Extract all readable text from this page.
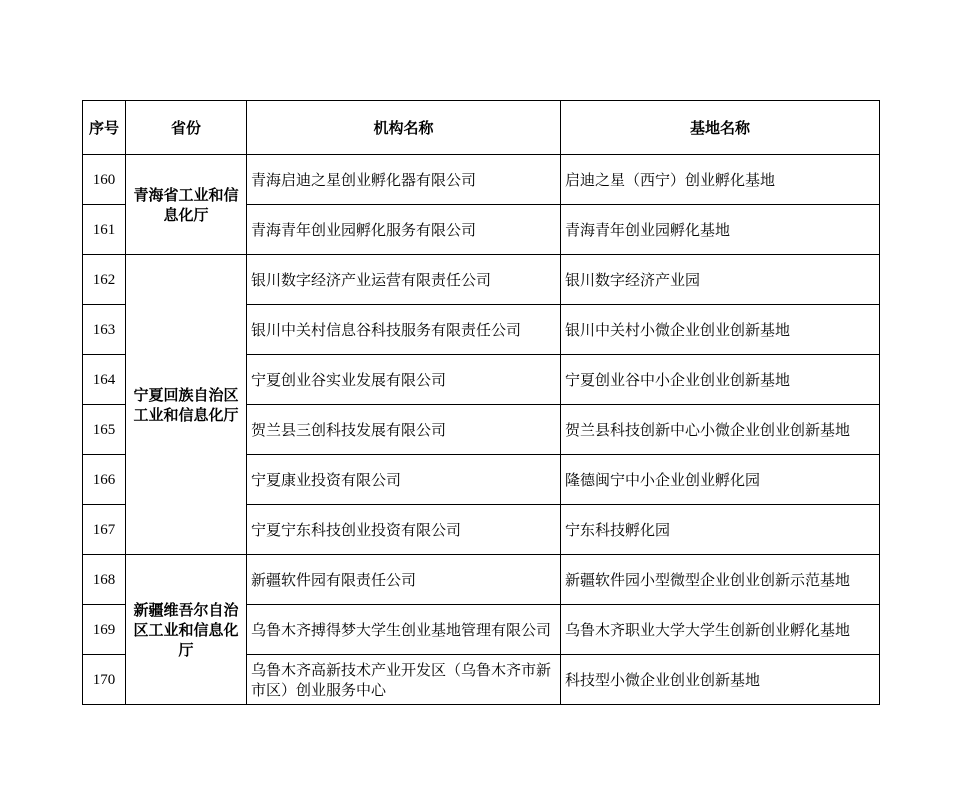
序号	省份	机构名称	基地名称
160	青海省工业和信息化厅	青海启迪之星创业孵化器有限公司	启迪之星（西宁）创业孵化基地
161		青海青年创业园孵化服务有限公司	青海青年创业园孵化基地
162	宁夏回族自治区工业和信息化厅	银川数字经济产业运营有限责任公司	银川数字经济产业园
163		银川中关村信息谷科技服务有限责任公司	银川中关村小微企业创业创新基地
164		宁夏创业谷实业发展有限公司	宁夏创业谷中小企业创业创新基地
165		贺兰县三创科技发展有限公司	贺兰县科技创新中心小微企业创业创新基地
166		宁夏康业投资有限公司	隆德闽宁中小企业创业孵化园
167		宁夏宁东科技创业投资有限公司	宁东科技孵化园
168	新疆维吾尔自治区工业和信息化厅	新疆软件园有限责任公司	新疆软件园小型微型企业创业创新示范基地
169		乌鲁木齐搏得梦大学生创业基地管理有限公司	乌鲁木齐职业大学大学生创新创业孵化基地
170		乌鲁木齐高新技术产业开发区（乌鲁木齐市新市区）创业服务中心	科技型小微企业创业创新基地
